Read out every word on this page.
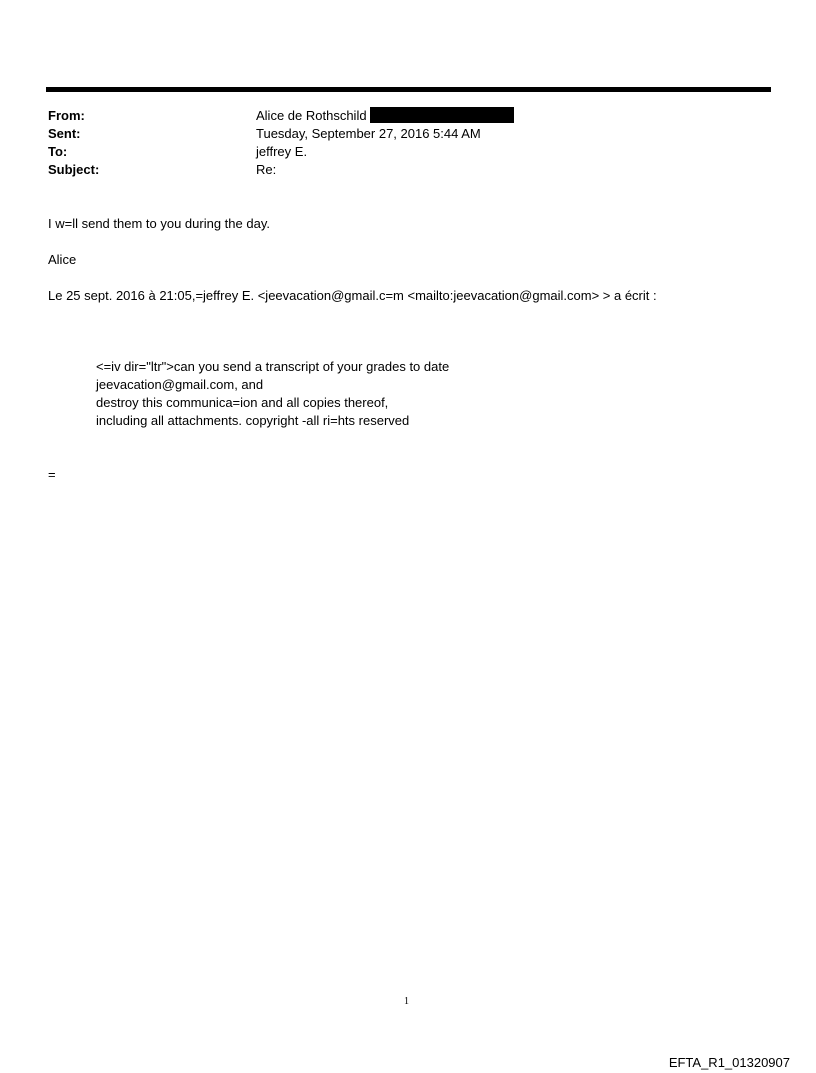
From:	Alice de Rothschild
Sent:	Tuesday, September 27, 2016 5:44 AM
To:	jeffrey E.
Subject:	Re:
I w=ll send them to you during the day.
Alice
Le 25 sept. 2016 à 21:05,=jeffrey E. <jeevacation@gmail.c=m <mailto:jeevacation@gmail.com> > a écrit :
<=iv dir="ltr">can you send a transcript of your grades to date
jeevacation@gmail.com, and
destroy this communica=ion and all copies thereof,
including all attachments. copyright -all ri=hts reserved
=
1
EFTA_R1_01320907
